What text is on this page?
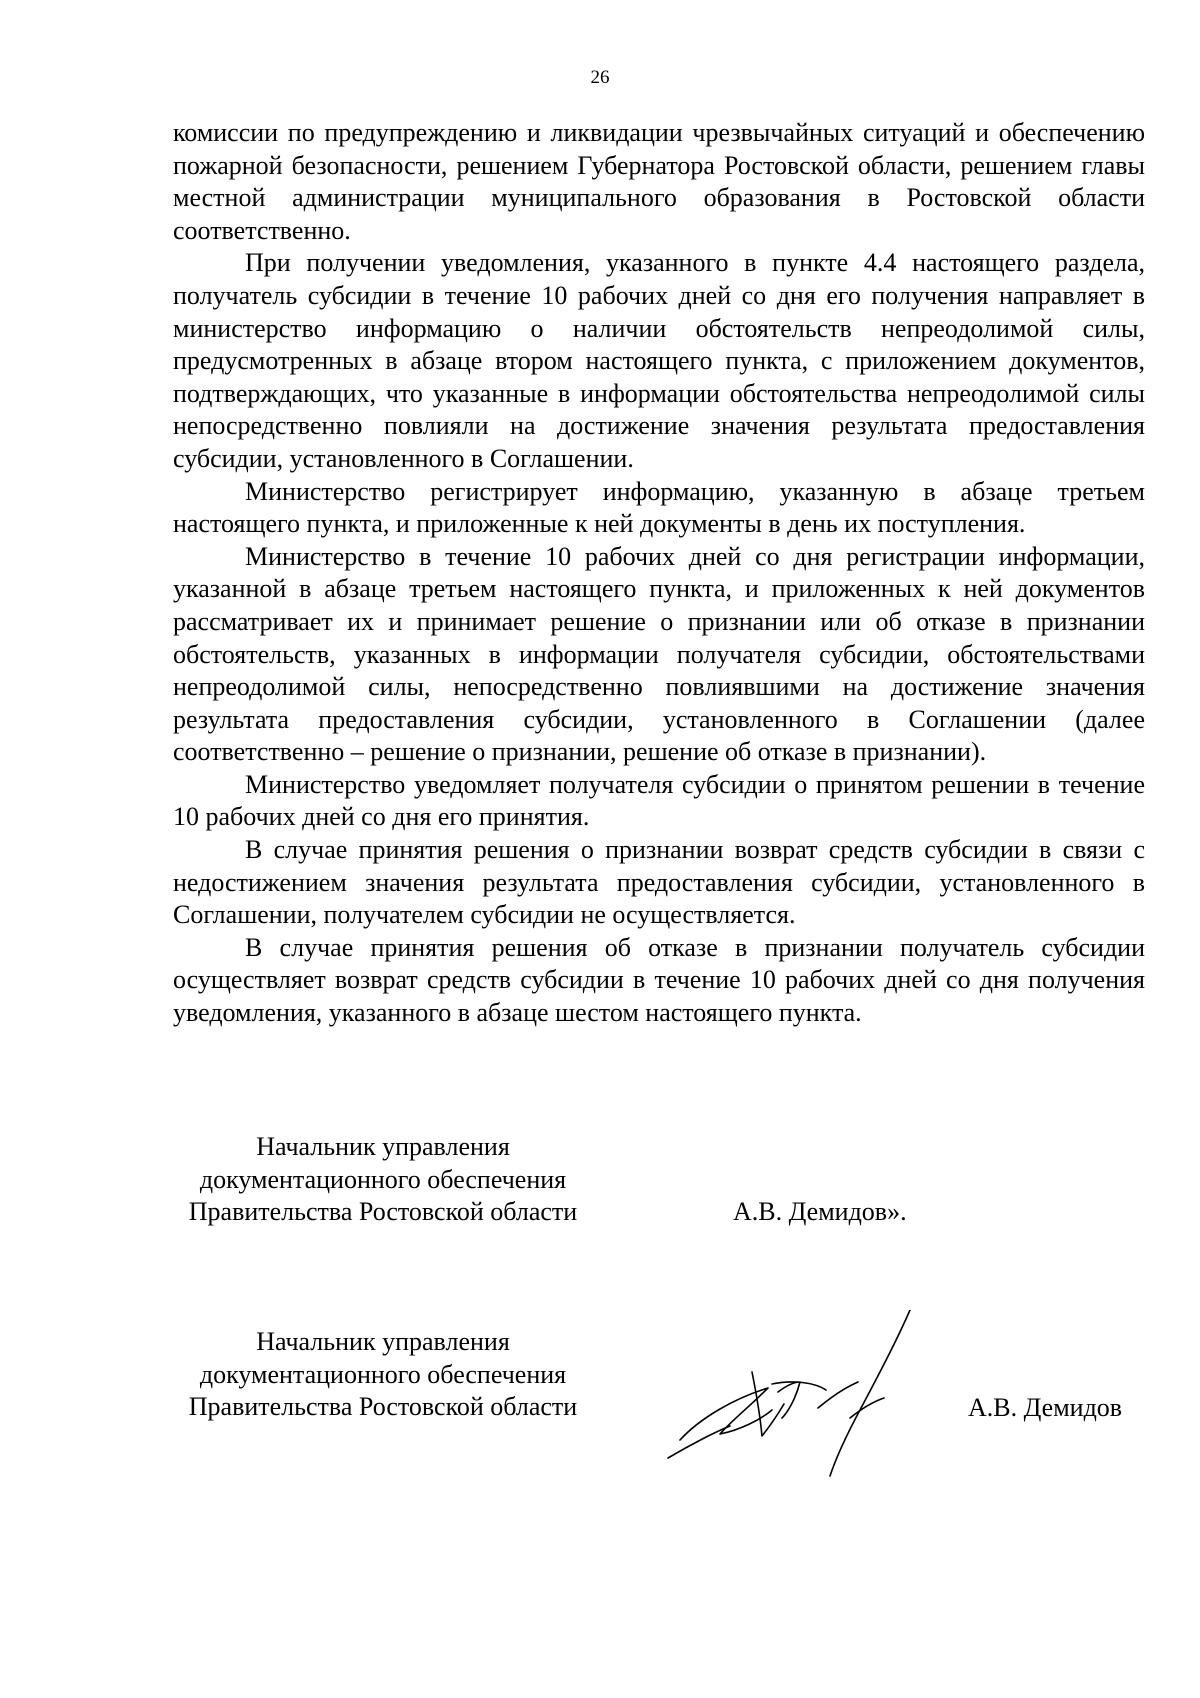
26

комиссии по предупреждению и ликвидации чрезвычайных ситуаций и обеспечению пожарной безопасности, решением Губернатора Ростовской области, решением главы местной администрации муниципального образования в Ростовской области соответственно.

При получении уведомления, указанного в пункте 4.4 настоящего раздела, получатель субсидии в течение 10 рабочих дней со дня его получения направляет в министерство информацию о наличии обстоятельств непреодолимой силы, предусмотренных в абзаце втором настоящего пункта, с приложением документов, подтверждающих, что указанные в информации обстоятельства непреодолимой силы непосредственно повлияли на достижение значения результата предоставления субсидии, установленного в Соглашении.

Министерство регистрирует информацию, указанную в абзаце третьем настоящего пункта, и приложенные к ней документы в день их поступления.

Министерство в течение 10 рабочих дней со дня регистрации информации, указанной в абзаце третьем настоящего пункта, и приложенных к ней документов рассматривает их и принимает решение о признании или об отказе в признании обстоятельств, указанных в информации получателя субсидии, обстоятельствами непреодолимой силы, непосредственно повлиявшими на достижение значения результата предоставления субсидии, установленного в Соглашении (далее соответственно – решение о признании, решение об отказе в признании).

Министерство уведомляет получателя субсидии о принятом решении в течение 10 рабочих дней со дня его принятия.

В случае принятия решения о признании возврат средств субсидии в связи с недостижением значения результата предоставления субсидии, установленного в Соглашении, получателем субсидии не осуществляется.

В случае принятия решения об отказе в признании получатель субсидии осуществляет возврат средств субсидии в течение 10 рабочих дней со дня получения уведомления, указанного в абзаце шестом настоящего пункта.

Начальник управления
документационного обеспечения
Правительства Ростовской области	А.В. Демидов».
Начальник управления
документационного обеспечения
Правительства Ростовской области	А.В. Демидов
